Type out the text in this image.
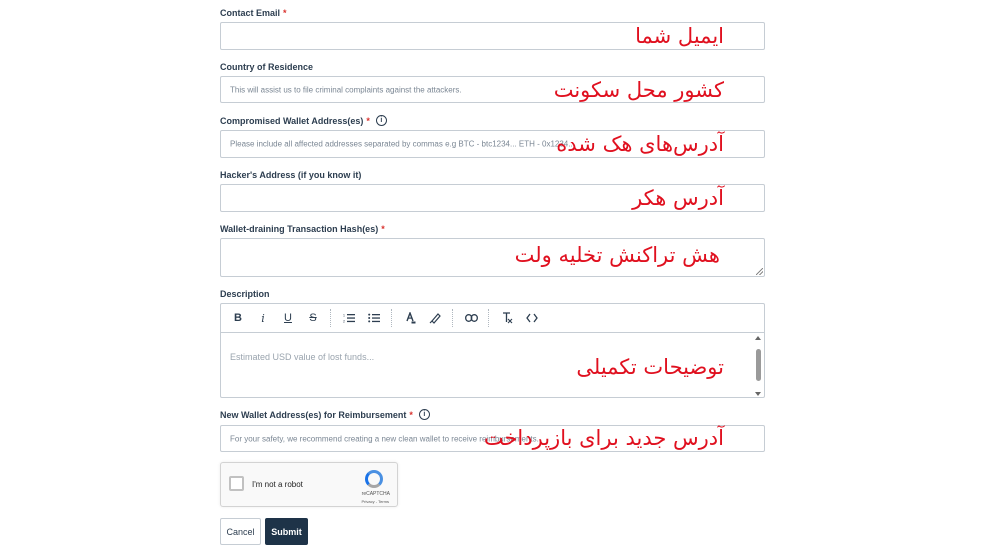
Contact Email *
ایمیل شما
Country of Residence
This will assist us to file criminal complaints against the attackers.	کشور محل سکونت
Compromised Wallet Address(es) *	i
Please include all affected addresses separated by commas e.g BTC - btc1234... ETH - 0x1234...
آدرس‌های هک شده
Hacker's Address (if you know it)
آدرس هکر
Wallet-draining Transaction Hash(es) *
هش تراکنش تخلیه ولت
Description
B	i	U	S	1
2
Estimated USD value of lost funds...	توضیحات تکمیلی
New Wallet Address(es) for Reimbursement *	i
For your safety, we recommend creating a new clean wallet to receive reimbursements.
آدرس جدید برای بازپرداخت
I'm not a robot
reCAPTCHA
Privacy - Terms
Cancel	Submit
